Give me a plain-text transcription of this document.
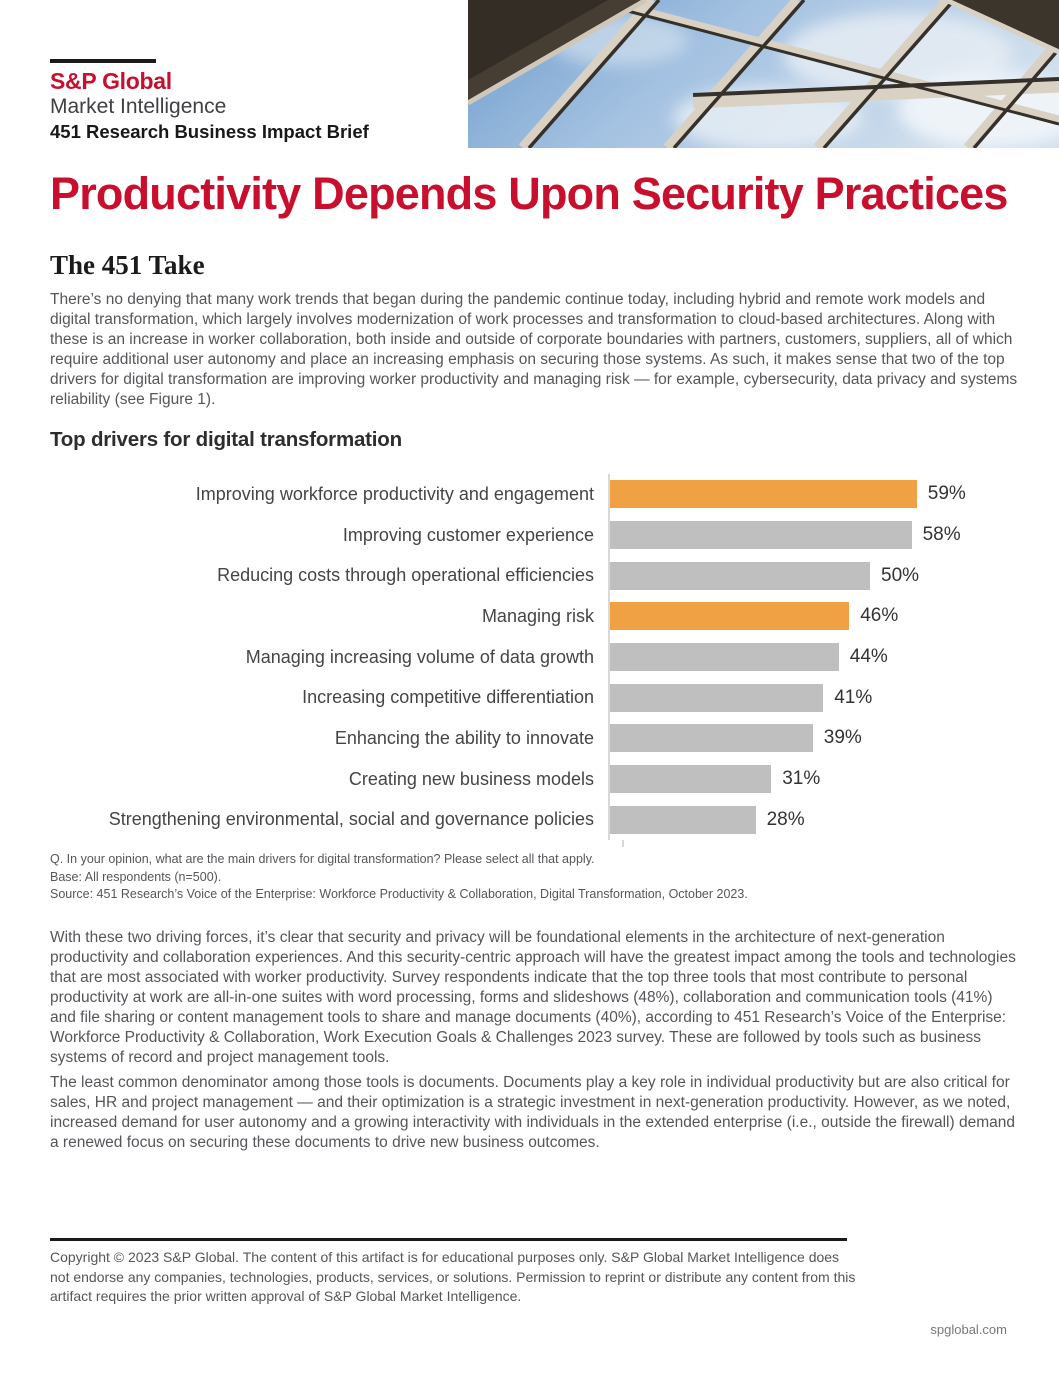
S&P Global
Market Intelligence
451 Research Business Impact Brief
Productivity Depends Upon Security Practices
The 451 Take

There’s no denying that many work trends that began during the pandemic continue today, including hybrid and remote work models and digital transformation, which largely involves modernization of work processes and transformation to cloud-based architectures. Along with these is an increase in worker collaboration, both inside and outside of corporate boundaries with partners, customers, suppliers, all of which require additional user autonomy and place an increasing emphasis on securing those systems. As such, it makes sense that two of the top drivers for digital transformation are improving worker productivity and managing risk — for example, cybersecurity, data privacy and systems reliability (see Figure 1).

Top drivers for digital transformation
Improving workforce productivity and engagement	59%
Improving customer experience	58%
Reducing costs through operational efficiencies	50%
Managing risk	46%
Managing increasing volume of data growth	44%
Increasing competitive differentiation	41%
Enhancing the ability to innovate	39%
Creating new business models	31%
Strengthening environmental, social and governance policies	28%
Q. In your opinion, what are the main drivers for digital transformation? Please select all that apply.
Base: All respondents (n=500).
Source: 451 Research’s Voice of the Enterprise: Workforce Productivity & Collaboration, Digital Transformation, October 2023.

With these two driving forces, it’s clear that security and privacy will be foundational elements in the architecture of next-generation productivity and collaboration experiences. And this security-centric approach will have the greatest impact among the tools and technologies that are most associated with worker productivity. Survey respondents indicate that the top three tools that most contribute to personal productivity at work are all-in-one suites with word processing, forms and slideshows (48%), collaboration and communication tools (41%) and file sharing or content management tools to share and manage documents (40%), according to 451 Research’s Voice of the Enterprise: Workforce Productivity & Collaboration, Work Execution Goals & Challenges 2023 survey. These are followed by tools such as business systems of record and project management tools.

The least common denominator among those tools is documents. Documents play a key role in individual productivity but are also critical for sales, HR and project management — and their optimization is a strategic investment in next-generation productivity. However, as we noted, increased demand for user autonomy and a growing interactivity with individuals in the extended enterprise (i.e., outside the firewall) demand a renewed focus on securing these documents to drive new business outcomes.

Copyright © 2023 S&P Global. The content of this artifact is for educational purposes only. S&P Global Market Intelligence does not endorse any companies, technologies, products, services, or solutions. Permission to reprint or distribute any content from this artifact requires the prior written approval of S&P Global Market Intelligence.

spglobal.com
